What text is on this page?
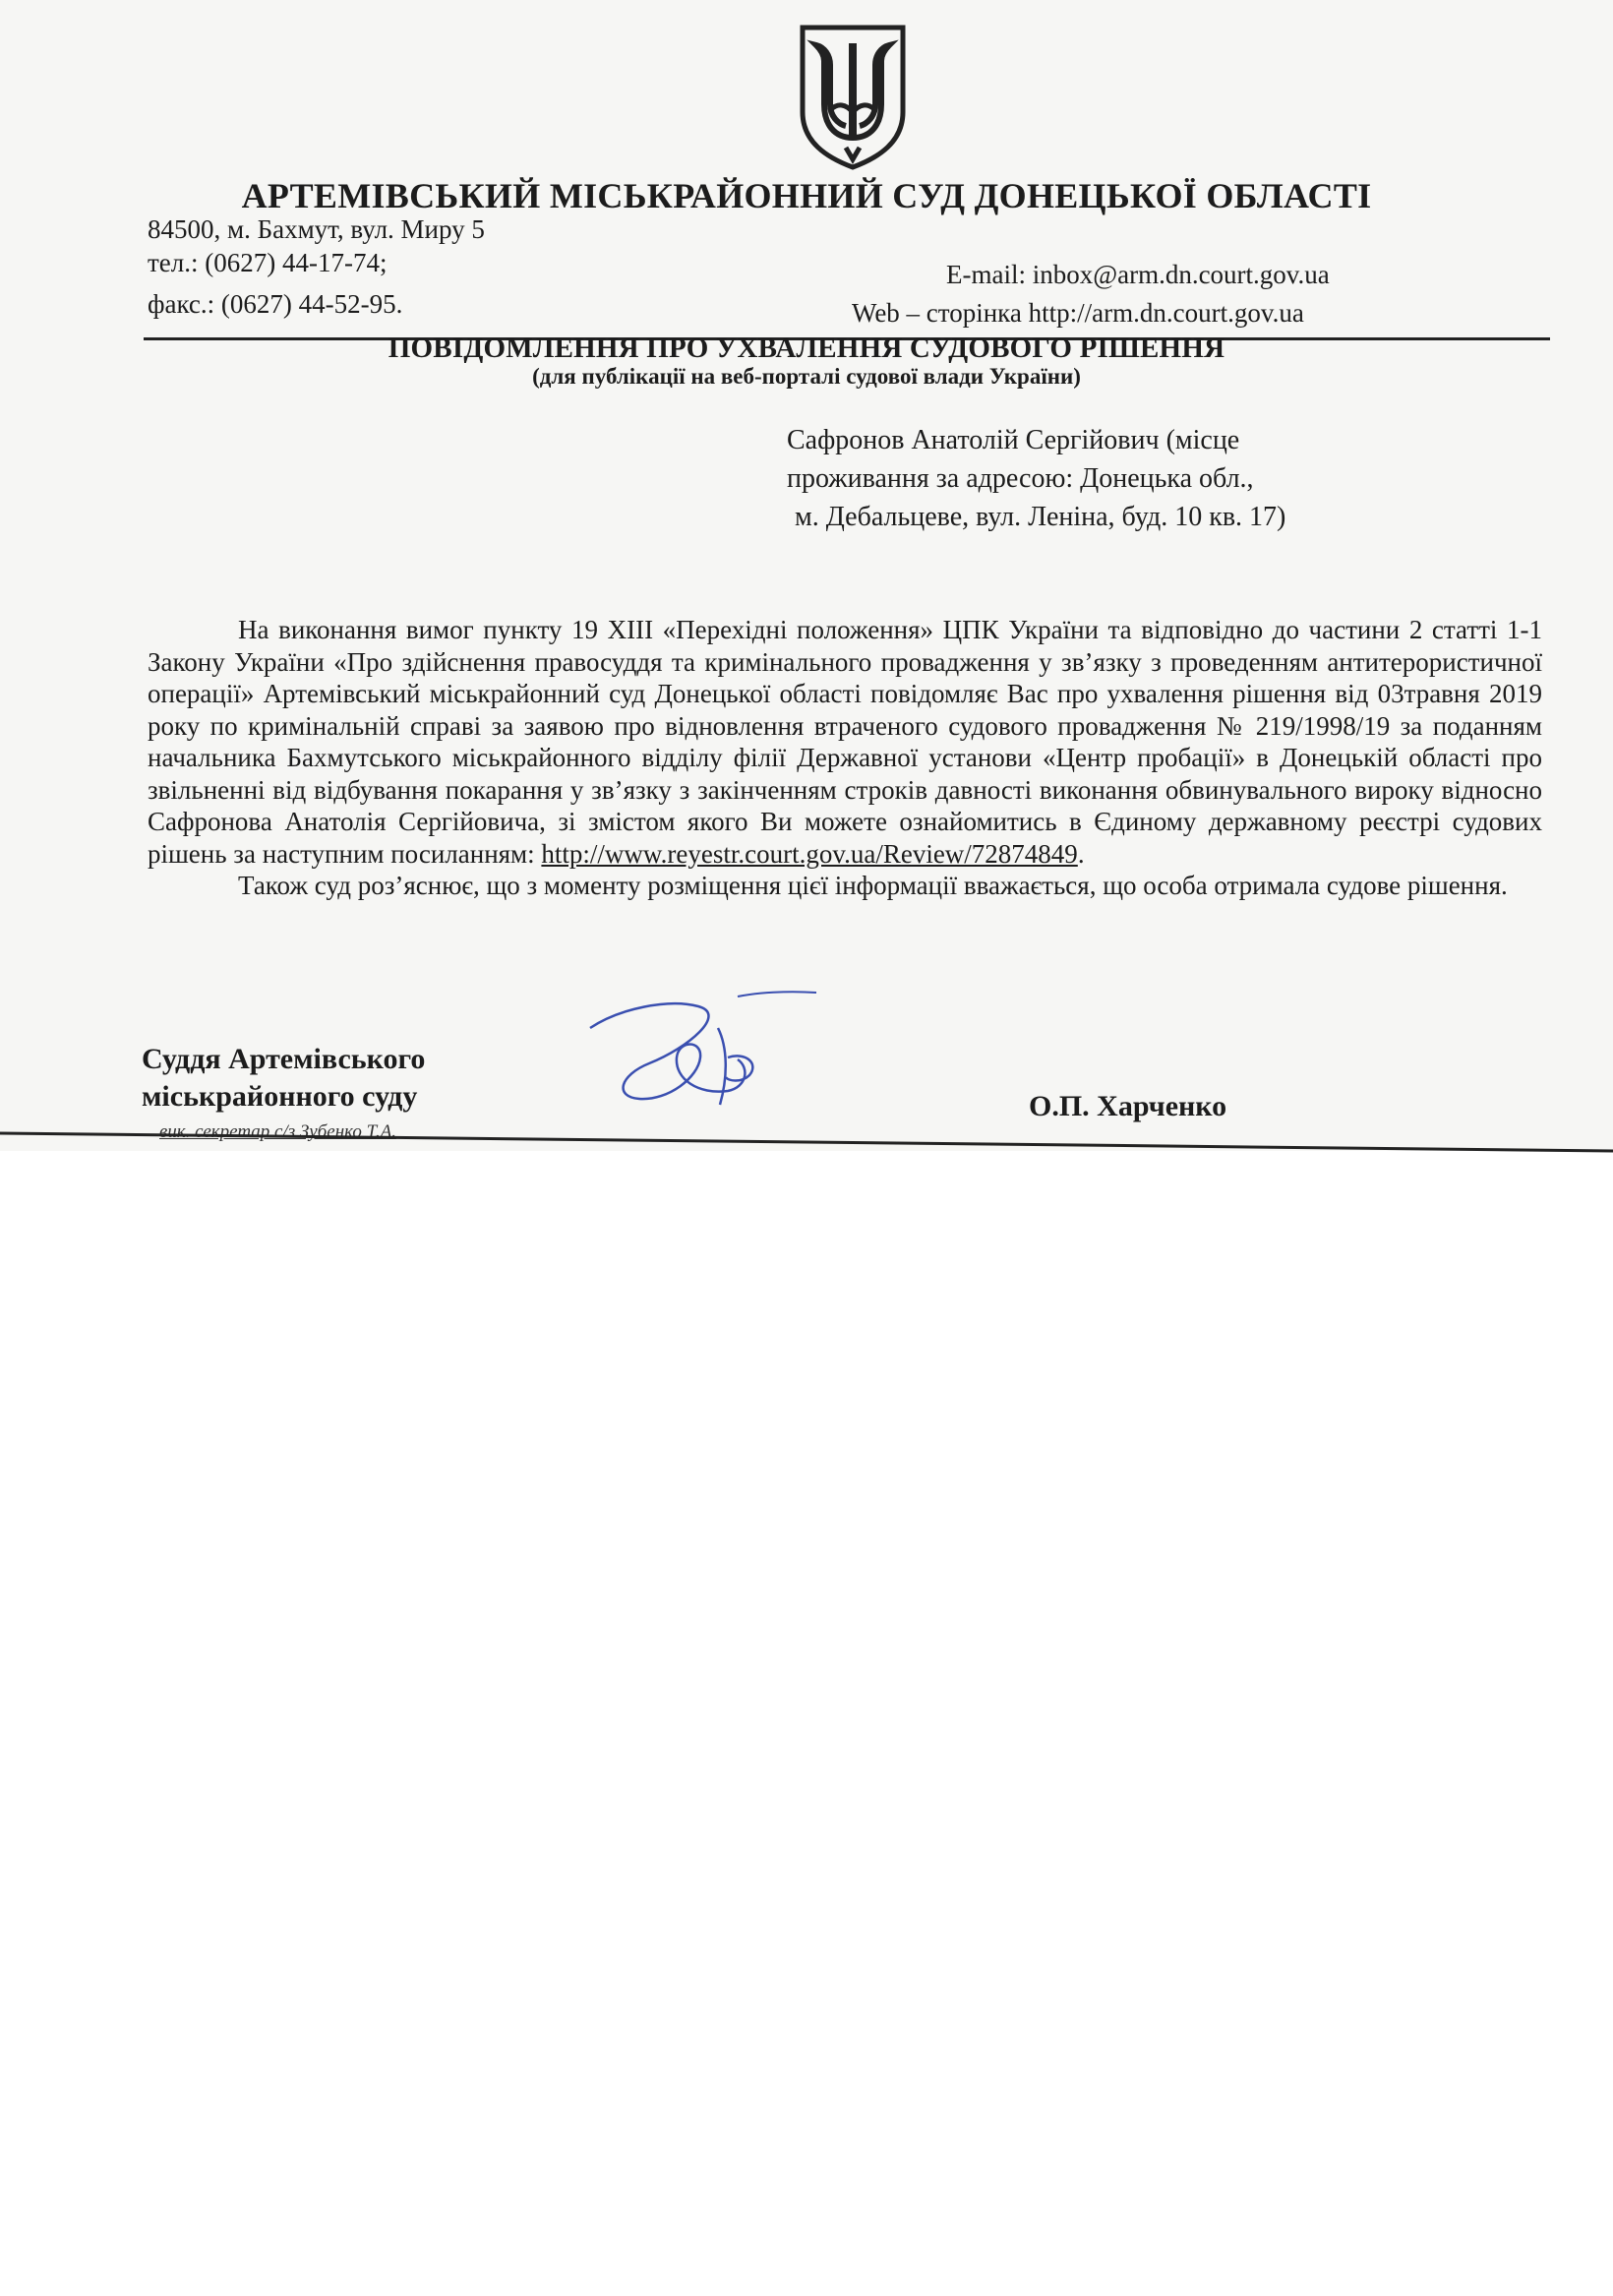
АРТЕМІВСЬКИЙ МІСЬКРАЙОННИЙ СУД ДОНЕЦЬКОЇ ОБЛАСТІ
84500, м. Бахмут, вул. Миру 5
тел.: (0627) 44-17-74;
факс.: (0627) 44-52-95.
E-mail: inbox@arm.dn.court.gov.ua
Web – сторінка http://arm.dn.court.gov.ua
ПОВІДОМЛЕННЯ ПРО УХВАЛЕННЯ СУДОВОГО РІШЕННЯ
(для публікації на веб-порталі судової влади України)
Сафронов Анатолій Сергійович (місце
проживання за адресою: Донецька обл.,
м. Дебальцеве, вул. Леніна, буд. 10 кв. 17)

На виконання вимог пункту 19 ХІІІ «Перехідні положення» ЦПК України та відповідно до частини 2 статті 1-1 Закону України «Про здійснення правосуддя та кримінального провадження у зв’язку з проведенням антитерористичної операції» Артемівський міськрайонний суд Донецької області повідомляє Вас про ухвалення рішення від 03травня 2019 року по кримінальній справі за заявою про відновлення втраченого судового провадження № 219/1998/19 за поданням начальника Бахмутського міськрайонного відділу філії Державної установи «Центр пробації» в Донецькій області про звільненні від відбування покарання у зв’язку з закінченням строків давності виконання обвинувального вироку відносно Сафронова Анатолія Сергійовича, зі змістом якого Ви можете ознайомитись в Єдиному державному реєстрі судових рішень за наступним посиланням: http://www.reyestr.court.gov.ua/Review/72874849.

Також суд роз’яснює, що з моменту розміщення цієї інформації вважається, що особа отримала судове рішення.

Суддя Артемівського
міськрайонного суду	О.П. Харченко
вик. секретар с/з Зубенко Т.А.
